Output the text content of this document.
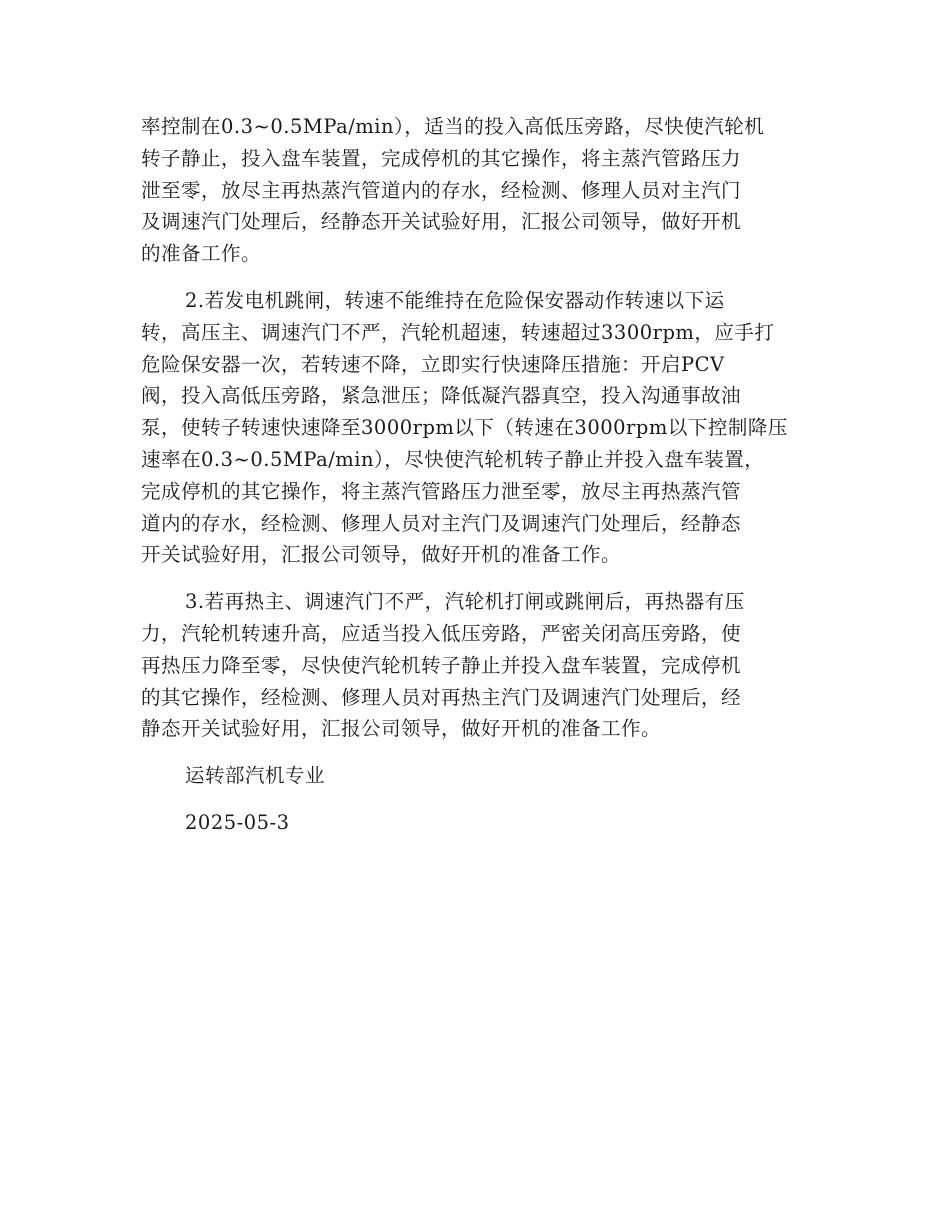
率控制在0.3~0.5MPa/min），适当的投入高低压旁路，尽快使汽轮机
转子静止，投入盘车装置，完成停机的其它操作，将主蒸汽管路压力
泄至零，放尽主再热蒸汽管道内的存水，经检测、修理人员对主汽门
及调速汽门处理后，经静态开关试验好用，汇报公司领导，做好开机
的准备工作。

2.若发电机跳闸，转速不能维持在危险保安器动作转速以下运
转，高压主、调速汽门不严，汽轮机超速，转速超过3300rpm，应手打
危险保安器一次，若转速不降，立即实行快速降压措施：开启PCV
阀，投入高低压旁路，紧急泄压；降低凝汽器真空，投入沟通事故油
泵，使转子转速快速降至3000rpm以下（转速在3000rpm以下控制降压
速率在0.3~0.5MPa/min），尽快使汽轮机转子静止并投入盘车装置，
完成停机的其它操作，将主蒸汽管路压力泄至零，放尽主再热蒸汽管
道内的存水，经检测、修理人员对主汽门及调速汽门处理后，经静态
开关试验好用，汇报公司领导，做好开机的准备工作。

3.若再热主、调速汽门不严，汽轮机打闸或跳闸后，再热器有压
力，汽轮机转速升高，应适当投入低压旁路，严密关闭高压旁路，使
再热压力降至零，尽快使汽轮机转子静止并投入盘车装置，完成停机
的其它操作，经检测、修理人员对再热主汽门及调速汽门处理后，经
静态开关试验好用，汇报公司领导，做好开机的准备工作。

运转部汽机专业

2025-05-3
